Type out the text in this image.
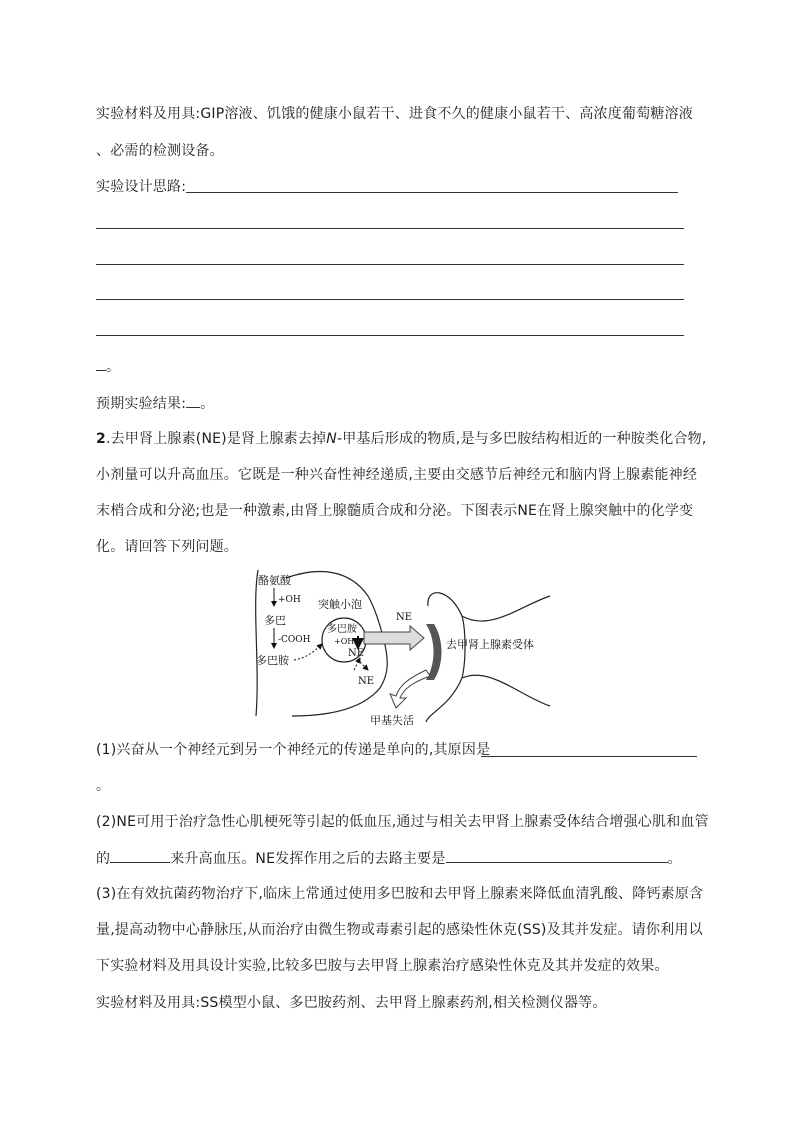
实验材料及用具:GIP溶液、饥饿的健康小鼠若干、进食不久的健康小鼠若干、高浓度葡萄糖溶液
、必需的检测设备。
实验设计思路:
。
预期实验结果: 。
2.去甲肾上腺素(NE)是肾上腺素去掉N-甲基后形成的物质,是与多巴胺结构相近的一种胺类化合物,
小剂量可以升高血压。它既是一种兴奋性神经递质,主要由交感节后神经元和脑内肾上腺素能神经
末梢合成和分泌;也是一种激素,由肾上腺髓质合成和分泌。下图表示NE在肾上腺突触中的化学变
化。请回答下列问题。
酪氨酸
+OH
多巴
-COOH
多巴胺
突触小泡
多巴胺
+OH
NE
NE
NE
甲基失活
去甲肾上腺素受体
(1)兴奋从一个神经元到另一个神经元的传递是单向的,其原因是
。
(2)NE可用于治疗急性心肌梗死等引起的低血压,通过与相关去甲肾上腺素受体结合增强心肌和血管
的	来升高血压。NE发挥作用之后的去路主要是	。
(3)在有效抗菌药物治疗下,临床上常通过使用多巴胺和去甲肾上腺素来降低血清乳酸、降钙素原含
量,提高动物中心静脉压,从而治疗由微生物或毒素引起的感染性休克(SS)及其并发症。请你利用以
下实验材料及用具设计实验,比较多巴胺与去甲肾上腺素治疗感染性休克及其并发症的效果。
实验材料及用具:SS模型小鼠、多巴胺药剂、去甲肾上腺素药剂,相关检测仪器等。
